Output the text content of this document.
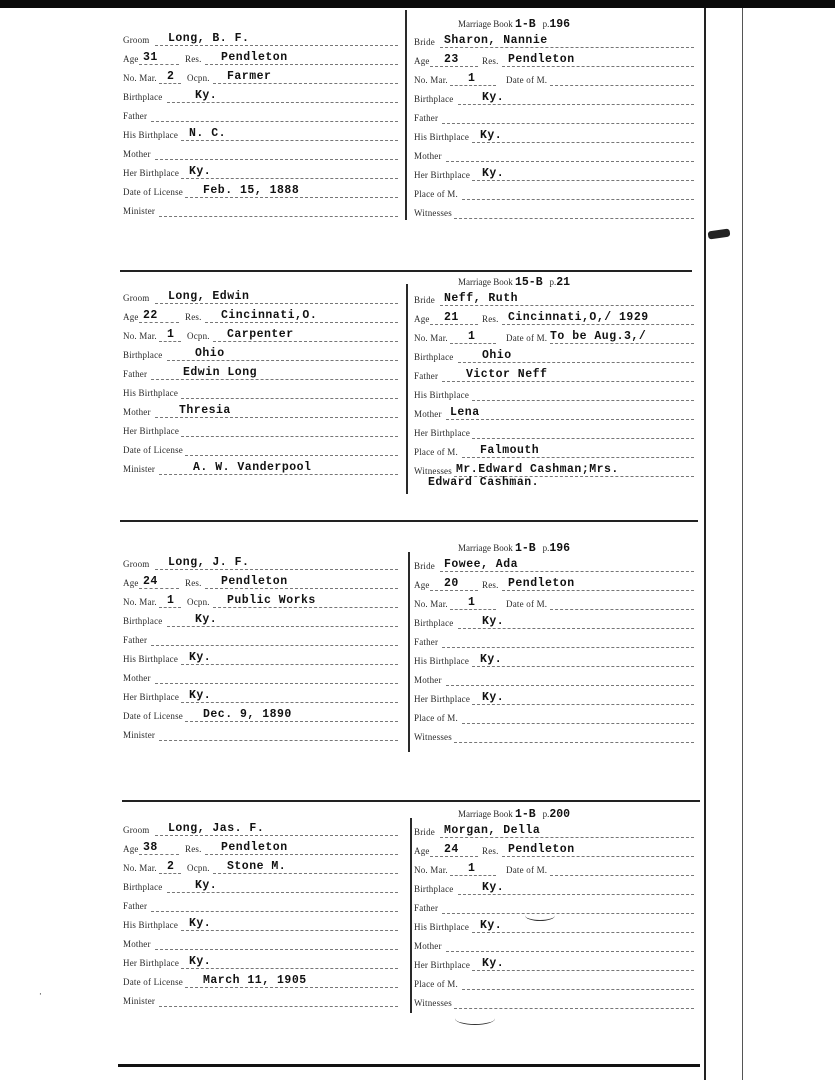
·
Groom Long, B. F.
Age 31	Res. Pendleton
No. Mar. 2 Ocpn. Farmer
Birthplace	Ky.
Father
His Birthplace N. C.
Mother
Her Birthplace Ky.
Date of License Feb. 15, 1888
Minister
Marriage Book 1-B p.196
Bride Sharon, Nannie
Age 23	Res. Pendleton
No. Mar. 1	Date of M.
Birthplace Ky.
Father
His Birthplace Ky.
Mother
Her Birthplace Ky.
Place of M.
Witnesses
Groom Long, Edwin
Age 22	Res. Cincinnati,O.
No. Mar. 1 Ocpn. Carpenter
Birthplace	Ohio
Father	Edwin Long
His Birthplace
Mother Thresia
Her Birthplace
Date of License
Minister	A. W. Vanderpool
Marriage Book 15-B p.21
Bride Neff, Ruth
Age 21	Res. Cincinnati,O,/ 1929
No. Mar. 1	Date of M. To be Aug.3,/
Birthplace Ohio
Father Victor Neff
His Birthplace
Mother Lena
Her Birthplace
Place of M. Falmouth
Witnesses Mr.Edward Cashman;Mrs.
Edward Cashman.
Groom Long, J. F.
Age 24	Res. Pendleton
No. Mar. 1 Ocpn. Public Works
Birthplace	Ky.
Father
His Birthplace Ky.
Mother
Her Birthplace Ky.
Date of License Dec. 9, 1890
Minister
Marriage Book 1-B p.196
Bride Fowee, Ada
Age 20	Res. Pendleton
No. Mar. 1	Date of M.
Birthplace Ky.
Father
His Birthplace Ky.
Mother
Her Birthplace Ky.
Place of M.
Witnesses
Groom Long, Jas. F.
Age 38	Res. Pendleton
No. Mar. 2 Ocpn. Stone M.
Birthplace	Ky.
Father
His Birthplace Ky.
Mother
Her Birthplace Ky.
Date of License March 11, 1905
Minister
Marriage Book 1-B p.200
Bride Morgan, Della
Age 24	Res. Pendleton
No. Mar. 1	Date of M.
Birthplace Ky.
Father
His Birthplace Ky.
Mother
Her Birthplace Ky.
Place of M.
Witnesses
